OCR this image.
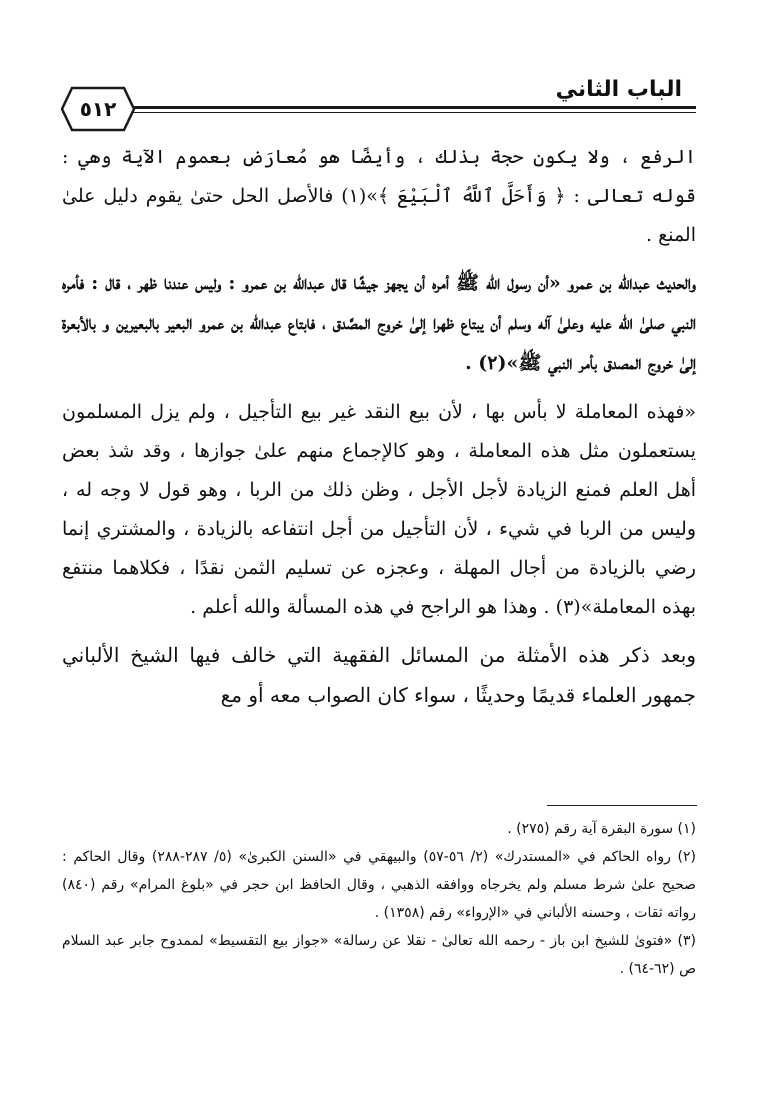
الباب الثاني
٥١٢

الرفع ، ولا يكون حجة بذلك ، وأيضًا هو مُعارَض بعموم الآية وهي : قوله تعالى : ﴿ وَأَحَلَّ ٱللَّهُ ٱلْبَيْعَ ﴾»(١) فالأصل الحل حتىٰ يقوم دليل علىٰ المنع .

والحديث عبدالله بن عمرو «أن رسول الله ﷺ أمره أن يجهز جيشًا قال عبدالله بن عمرو : وليس عندنا ظهر ، قال : فأمره النبي صلىٰ الله عليه وعلىٰ آله وسلم أن يبتاع ظهرا إلىٰ خروج المصَّدق ، فابتاع عبدالله بن عمرو البعير بالبعيرين و بالأبعرة إلىٰ خروج المصدق بأمر النبي ﷺ»(٢) .

«فهذه المعاملة لا بأس بها ، لأن بيع النقد غير بيع التأجيل ، ولم يزل المسلمون يستعملون مثل هذه المعاملة ، وهو كالإجماع منهم علىٰ جوازها ، وقد شذ بعض أهل العلم فمنع الزيادة لأجل الأجل ، وظن ذلك من الربا ، وهو قول لا وجه له ، وليس من الربا في شيء ، لأن التأجيل من أجل انتفاعه بالزيادة ، والمشتري إنما رضي بالزيادة من أجال المهلة ، وعجزه عن تسليم الثمن نقدًا ، فكلاهما منتفع بهذه المعاملة»(٣) . وهذا هو الراجح في هذه المسألة والله أعلم .

وبعد ذكر هذه الأمثلة من المسائل الفقهية التي خالف فيها الشيخ الألباني جمهور العلماء قديمًا وحديثًا ، سواء كان الصواب معه أو مع

(١) سورة البقرة آية رقم (٢٧٥) .

(٢) رواه الحاكم في «المستدرك» (٢/ ٥٦-٥٧) والبيهقي في «السنن الكبرىٰ» (٥/ ٢٨٧-٢٨٨) وقال الحاكم : صحيح علىٰ شرط مسلم ولم يخرجاه ووافقه الذهبي ، وقال الحافظ ابن حجر في «بلوغ المرام» رقم (٨٤٠) رواته ثقات ، وحسنه الألباني في «الإرواء» رقم (١٣٥٨) .

(٣) «فتوىٰ للشيخ ابن باز - رحمه الله تعالىٰ - نقلا عن رسالة» «جواز بيع التقسيط» لممدوح جابر عبد السلام ص (٦٢-٦٤) .
